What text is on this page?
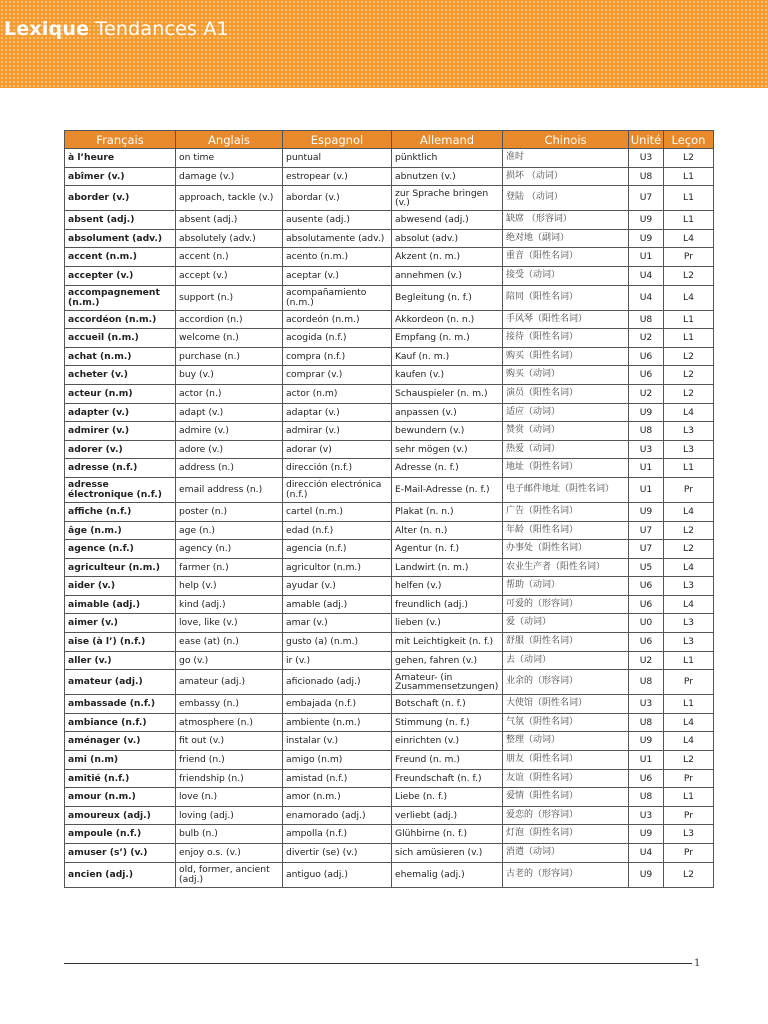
Lexique Tendances A1
Français	Anglais	Espagnol	Allemand	Chinois	Unité	Leçon
à l’heure	on time	puntual	pünktlich	准时	U3	L2
abîmer (v.)	damage (v.)	estropear (v.)	abnutzen (v.)	损坏 （动词）	U8	L1
aborder (v.)	approach, tackle (v.)	abordar (v.)	zur Sprache bringen (v.)	登陆 （动词）	U7	L1
absent (adj.)	absent (adj.)	ausente (adj.)	abwesend (adj.)	缺席 （形容词）	U9	L1
absolument (adv.)	absolutely (adv.)	absolutamente (adv.)	absolut (adv.)	绝对地（副词）	U9	L4
accent (n.m.)	accent (n.)	acento (n.m.)	Akzent (n. m.)	重音（阳性名词）	U1	Pr
accepter (v.)	accept (v.)	aceptar (v.)	annehmen (v.)	接受（动词）	U4	L2
accompagnement (n.m.)	support (n.)	acompañamiento (n.m.)	Begleitung (n. f.)	陪同（阳性名词）	U4	L4
accordéon (n.m.)	accordion (n.)	acordeón (n.m.)	Akkordeon (n. n.)	手风琴（阳性名词）	U8	L1
accueil (n.m.)	welcome (n.)	acogida (n.f.)	Empfang (n. m.)	接待（阳性名词）	U2	L1
achat (n.m.)	purchase (n.)	compra (n.f.)	Kauf (n. m.)	购买（阳性名词）	U6	L2
acheter (v.)	buy (v.)	comprar (v.)	kaufen (v.)	购买（动词）	U6	L2
acteur (n.m)	actor (n.)	actor (n.m)	Schauspieler (n. m.)	演员（阳性名词）	U2	L2
adapter (v.)	adapt (v.)	adaptar (v.)	anpassen (v.)	适应（动词）	U9	L4
admirer (v.)	admire (v.)	admirar (v.)	bewundern (v.)	赞赏（动词）	U8	L3
adorer (v.)	adore (v.)	adorar (v)	sehr mögen (v.)	热爱（动词）	U3	L3
adresse (n.f.)	address (n.)	dirección (n.f.)	Adresse (n. f.)	地址（阴性名词）	U1	L1
adresse électronique (n.f.)	email address (n.)	dirección electrónica (n.f.)	E-Mail-Adresse (n. f.)	电子邮件地址（阴性名词）	U1	Pr
affiche (n.f.)	poster (n.)	cartel (n.m.)	Plakat (n. n.)	广告（阴性名词）	U9	L4
âge (n.m.)	age (n.)	edad (n.f.)	Alter (n. n.)	年龄（阳性名词）	U7	L2
agence (n.f.)	agency (n.)	agencia (n.f.)	Agentur (n. f.)	办事处（阴性名词）	U7	L2
agriculteur (n.m.)	farmer (n.)	agricultor (n.m.)	Landwirt (n. m.)	农业生产者（阳性名词）	U5	L4
aider (v.)	help (v.)	ayudar (v.)	helfen (v.)	帮助（动词）	U6	L3
aimable (adj.)	kind (adj.)	amable (adj.)	freundlich (adj.)	可爱的（形容词）	U6	L4
aimer (v.)	love, like (v.)	amar (v.)	lieben (v.)	爱（动词）	U0	L3
aise (à l’) (n.f.)	ease (at) (n.)	gusto (a) (n.m.)	mit Leichtigkeit (n. f.)	舒服（阴性名词）	U6	L3
aller (v.)	go (v.)	ir (v.)	gehen, fahren (v.)	去（动词）	U2	L1
amateur (adj.)	amateur (adj.)	aficionado (adj.)	Amateur- (in Zusammensetzungen)	业余的（形容词）	U8	Pr
ambassade (n.f.)	embassy (n.)	embajada (n.f.)	Botschaft (n. f.)	大使馆（阴性名词）	U3	L1
ambiance (n.f.)	atmosphere (n.)	ambiente (n.m.)	Stimmung (n. f.)	气氛（阴性名词）	U8	L4
aménager (v.)	fit out (v.)	instalar (v.)	einrichten (v.)	整理（动词）	U9	L4
ami (n.m)	friend (n.)	amigo (n.m)	Freund (n. m.)	朋友（阳性名词）	U1	L2
amitié (n.f.)	friendship (n.)	amistad (n.f.)	Freundschaft (n. f.)	友谊（阴性名词）	U6	Pr
amour (n.m.)	love (n.)	amor (n.m.)	Liebe (n. f.)	爱情（阳性名词）	U8	L1
amoureux (adj.)	loving (adj.)	enamorado (adj.)	verliebt (adj.)	爱恋的（形容词）	U3	Pr
ampoule (n.f.)	bulb (n.)	ampolla (n.f.)	Glühbirne (n. f.)	灯泡（阴性名词）	U9	L3
amuser (s’) (v.)	enjoy o.s. (v.)	divertir (se) (v.)	sich amüsieren (v.)	消遣（动词）	U4	Pr
ancien (adj.)	old, former, ancient (adj.)	antiguo (adj.)	ehemalig (adj.)	古老的（形容词）	U9	L2
1
